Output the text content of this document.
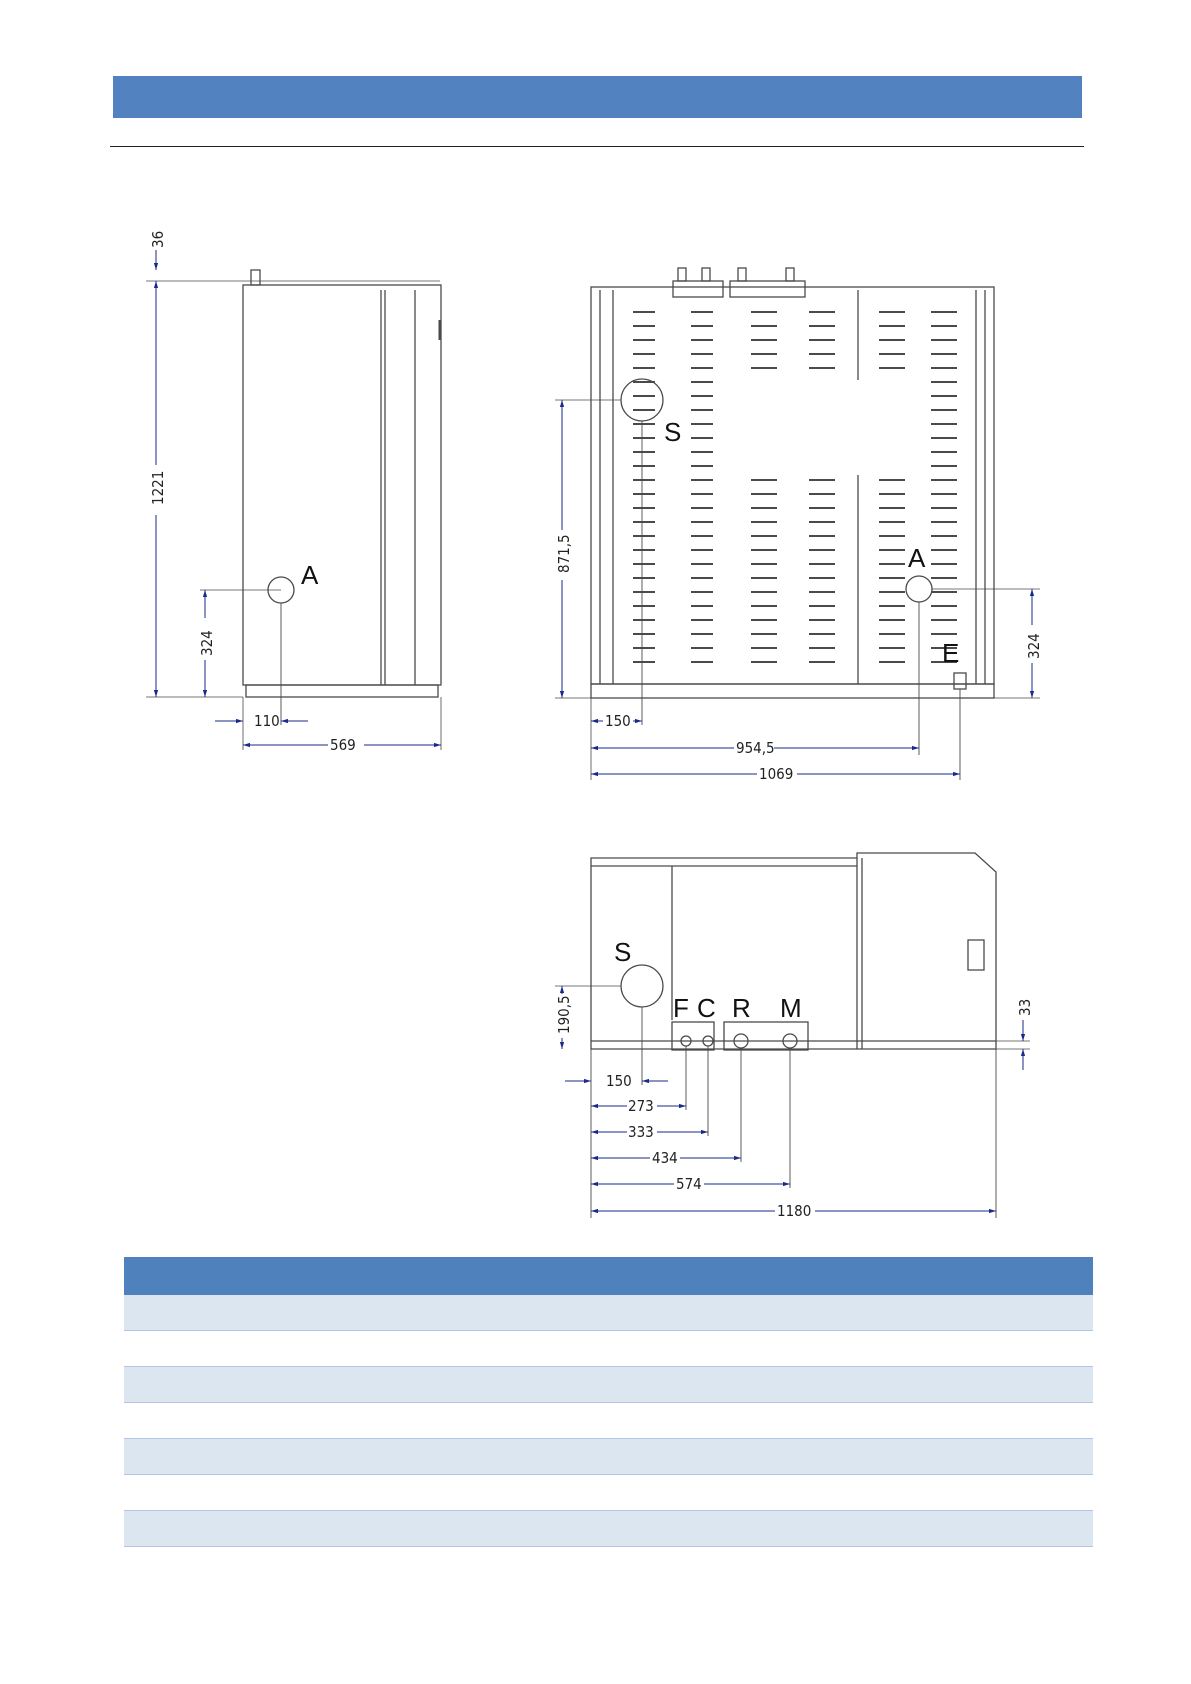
A
36
1221
324
110
569
S
A
E
871,5
324
150
954,5
1069
S
F C R M
190,5	33
150
273
333
434
574
1180
